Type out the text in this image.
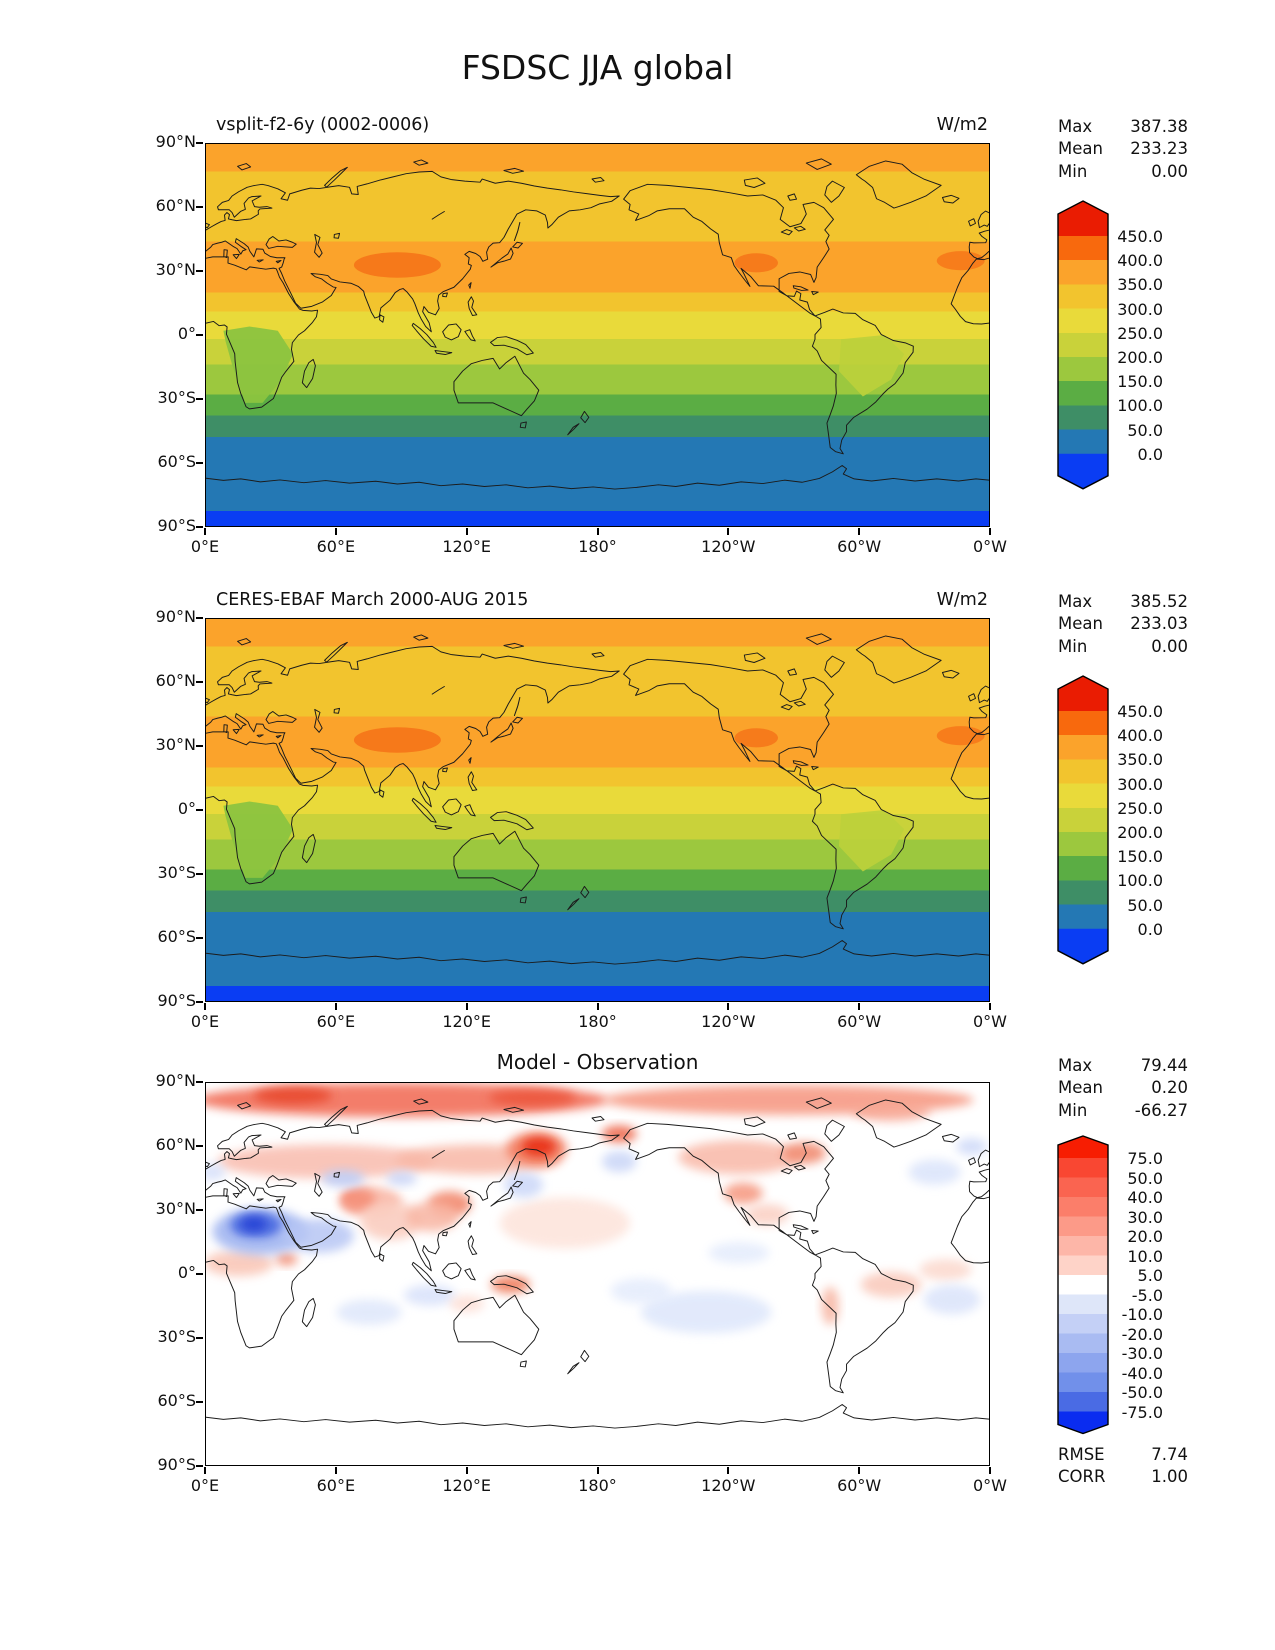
FSDSC JJA global
vsplit-f2-6y (0002-0006)	W/m2	Max 387.38
Mean 233.23
Min	0.00
0°E	60°E	120°E	180°	120°W	60°W	0°W
90°N
60°N
30°N
0°
30°S
60°S
90°S
450.0
400.0
350.0
300.0
250.0
200.0
150.0
100.0
50.0
0.0
CERES-EBAF March 2000-AUG 2015	W/m2	Max 385.52
Mean 233.03
Min	0.00
0°E	60°E	120°E	180°	120°W	60°W	0°W
90°N
60°N
30°N
0°
30°S
60°S
90°S
450.0
400.0
350.0
300.0
250.0
200.0
150.0
100.0
50.0
0.0
Model - Observation	Max	79.44
Mean	0.20
Min	-66.27
0°E	60°E	120°E	180°	120°W	60°W	0°W
90°N
60°N
30°N
0°
30°S
60°S
90°S
75.0
50.0
40.0
30.0
20.0
10.0
5.0
-5.0
-10.0
-20.0
-30.0
-40.0
-50.0
-75.0
RMSE	7.74
CORR	1.00
